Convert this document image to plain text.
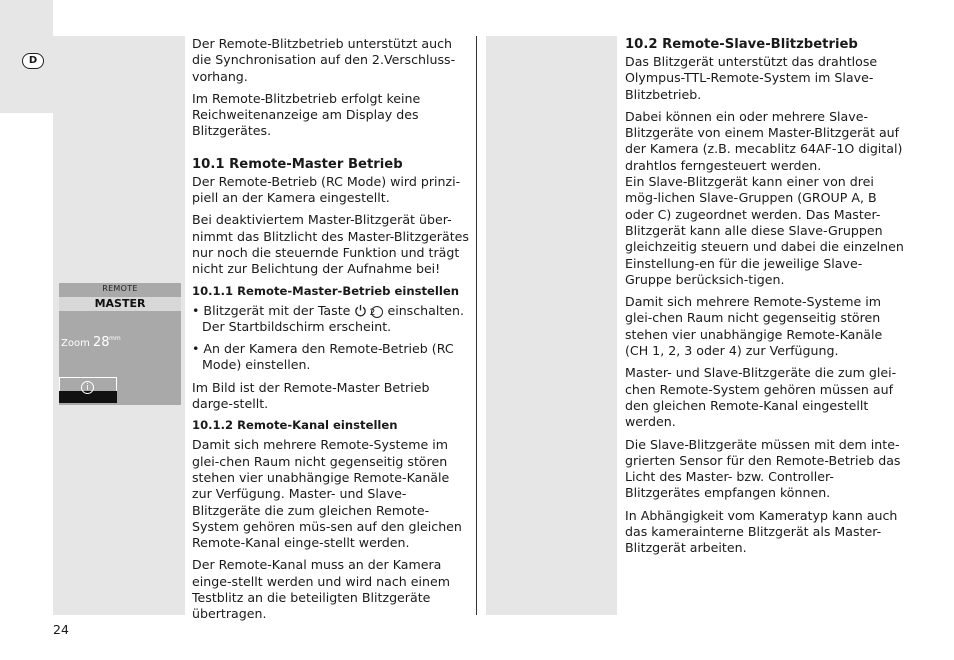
D
REMOTE
MASTER
Zoom 28 mm
i

Der Remote-Blitzbetrieb unterstützt auch die Synchronisation auf den 2.Verschluss-vorhang.

Im Remote-Blitzbetrieb erfolgt keine Reichweitenanzeige am Display des Blitzgerätes.

10.1 Remote-Master Betrieb

Der Remote-Betrieb (RC Mode) wird prinzi-piell an der Kamera eingestellt.

Bei deaktiviertem Master-Blitzgerät über-nimmt das Blitzlicht des Master-Blitzgerätes nur noch die steuernde Funktion und trägt nicht zur Belichtung der Aufnahme bei!

10.1.1 Remote-Master-Betrieb einstellen

• Blitzgerät mit der Taste 2 einschalten. Der Startbildschirm erscheint.

• An der Kamera den Remote-Betrieb (RC Mode) einstellen.

Im Bild ist der Remote-Master Betrieb darge-stellt.

10.1.2 Remote-Kanal einstellen

Damit sich mehrere Remote-Systeme im glei-chen Raum nicht gegenseitig stören stehen vier unabhängige Remote-Kanäle zur Verfügung. Master- und Slave-Blitzgeräte die zum gleichen Remote-System gehören müs-sen auf den gleichen Remote-Kanal einge-stellt werden.

Der Remote-Kanal muss an der Kamera einge-stellt werden und wird nach einem Testblitz an die beteiligten Blitzgeräte übertragen.

10.2 Remote-Slave-Blitzbetrieb

Das Blitzgerät unterstützt das drahtlose Olympus-TTL-Remote-System im Slave-Blitzbetrieb.

Dabei können ein oder mehrere Slave-Blitzgeräte von einem Master-Blitzgerät auf der Kamera (z.B. mecablitz 64AF-1O digital) drahtlos ferngesteuert werden.

Ein Slave-Blitzgerät kann einer von drei mög-lichen Slave-Gruppen (GROUP A, B oder C) zugeordnet werden. Das Master-Blitzgerät kann alle diese Slave-Gruppen gleichzeitig steuern und dabei die einzelnen Einstellung-en für die jeweilige Slave-Gruppe berücksich-tigen.

Damit sich mehrere Remote-Systeme im glei-chen Raum nicht gegenseitig stören stehen vier unabhängige Remote-Kanäle (CH 1, 2, 3 oder 4) zur Verfügung.

Master- und Slave-Blitzgeräte die zum glei-chen Remote-System gehören müssen auf den gleichen Remote-Kanal eingestellt werden.

Die Slave-Blitzgeräte müssen mit dem inte-grierten Sensor für den Remote-Betrieb das Licht des Master- bzw. Controller-Blitzgerätes empfangen können.

In Abhängigkeit vom Kameratyp kann auch das kamerainterne Blitzgerät als Master-Blitzgerät arbeiten.

24
